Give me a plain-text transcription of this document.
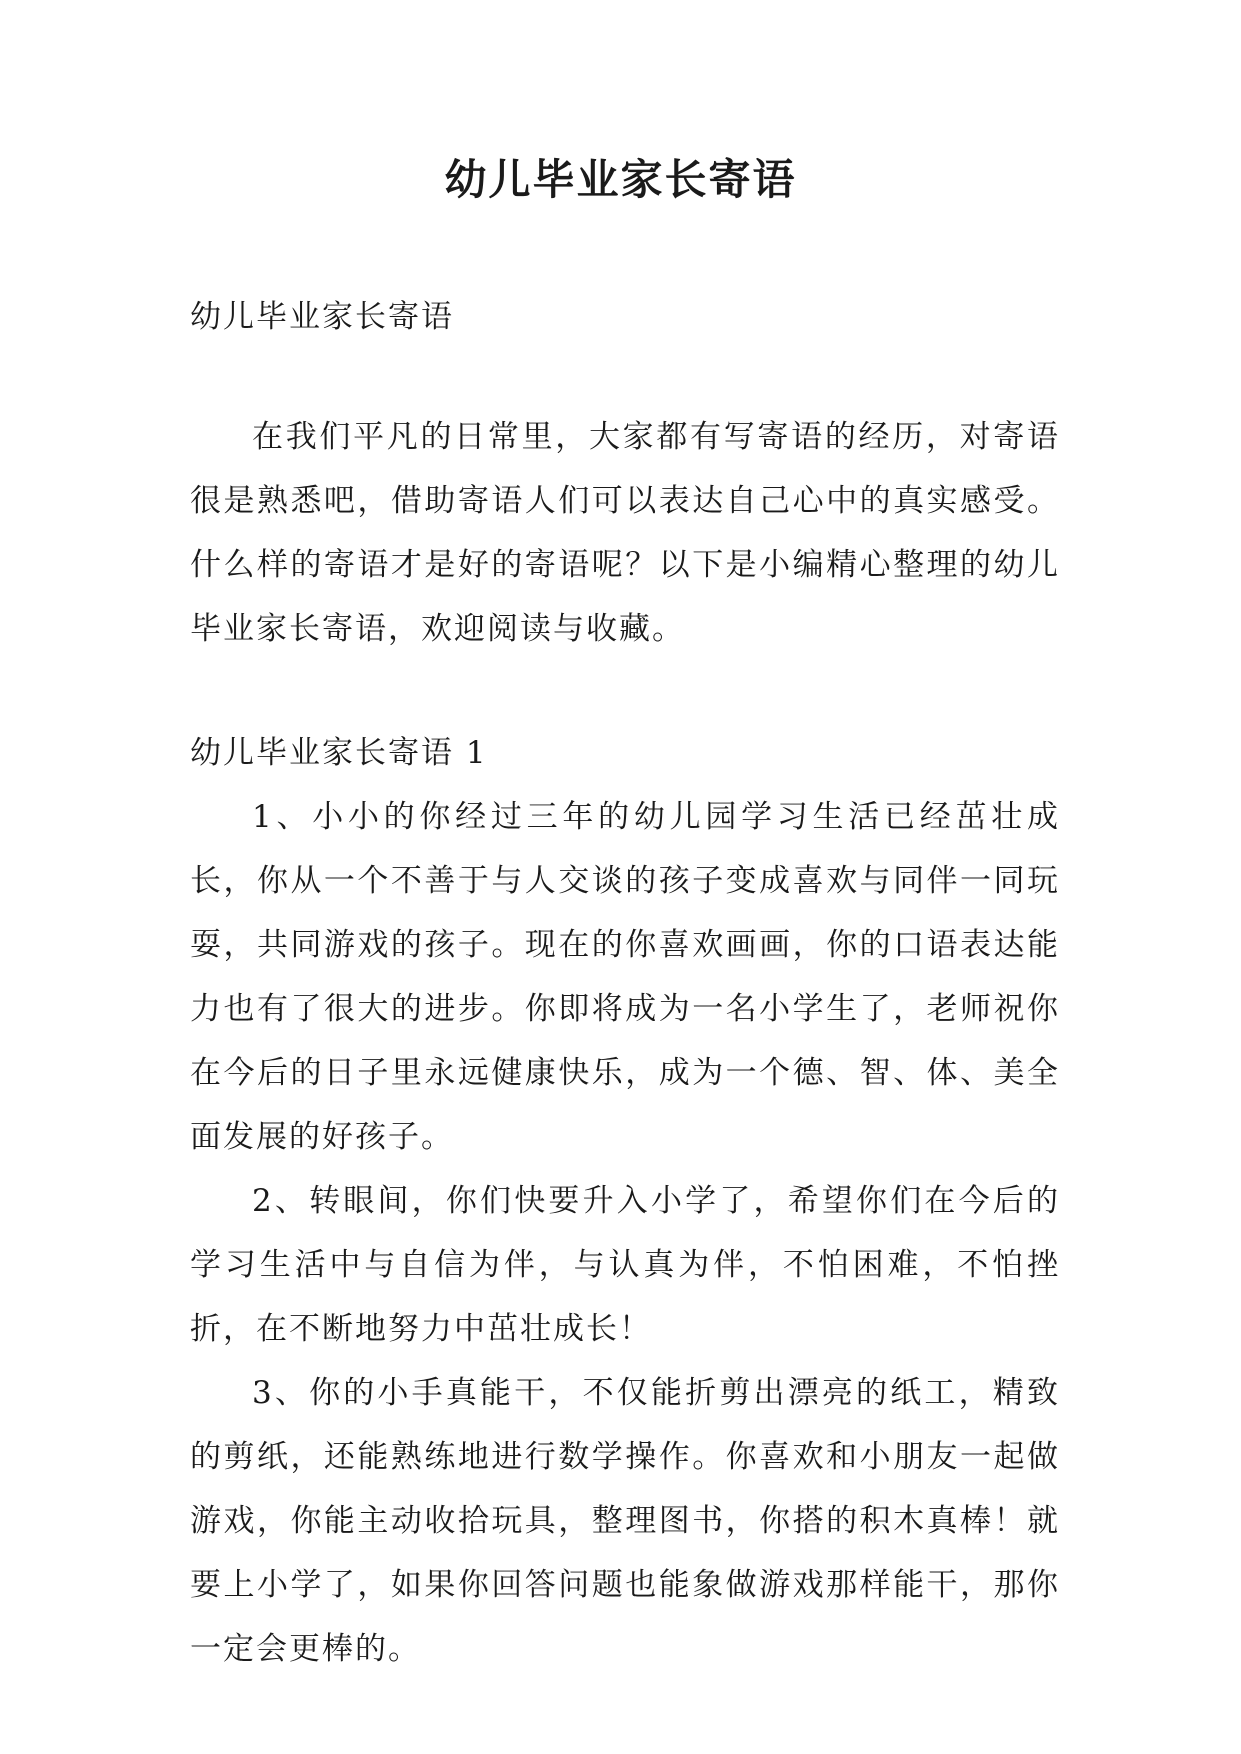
幼儿毕业家长寄语
幼儿毕业家长寄语

在我们平凡的日常里，大家都有写寄语的经历，对寄语很是熟悉吧，借助寄语人们可以表达自己心中的真实感受。什么样的寄语才是好的寄语呢？以下是小编精心整理的幼儿毕业家长寄语，欢迎阅读与收藏。

幼儿毕业家长寄语 1

1、小小的你经过三年的幼儿园学习生活已经茁壮成长，你从一个不善于与人交谈的孩子变成喜欢与同伴一同玩耍，共同游戏的孩子。现在的你喜欢画画，你的口语表达能力也有了很大的进步。你即将成为一名小学生了，老师祝你在今后的日子里永远健康快乐，成为一个德、智、体、美全面发展的好孩子。

2、转眼间，你们快要升入小学了，希望你们在今后的学习生活中与自信为伴，与认真为伴，不怕困难，不怕挫折，在不断地努力中茁壮成长！

3、你的小手真能干，不仅能折剪出漂亮的纸工，精致的剪纸，还能熟练地进行数学操作。你喜欢和小朋友一起做游戏，你能主动收拾玩具，整理图书，你搭的积木真棒！就要上小学了，如果你回答问题也能象做游戏那样能干，那你一定会更棒的。
